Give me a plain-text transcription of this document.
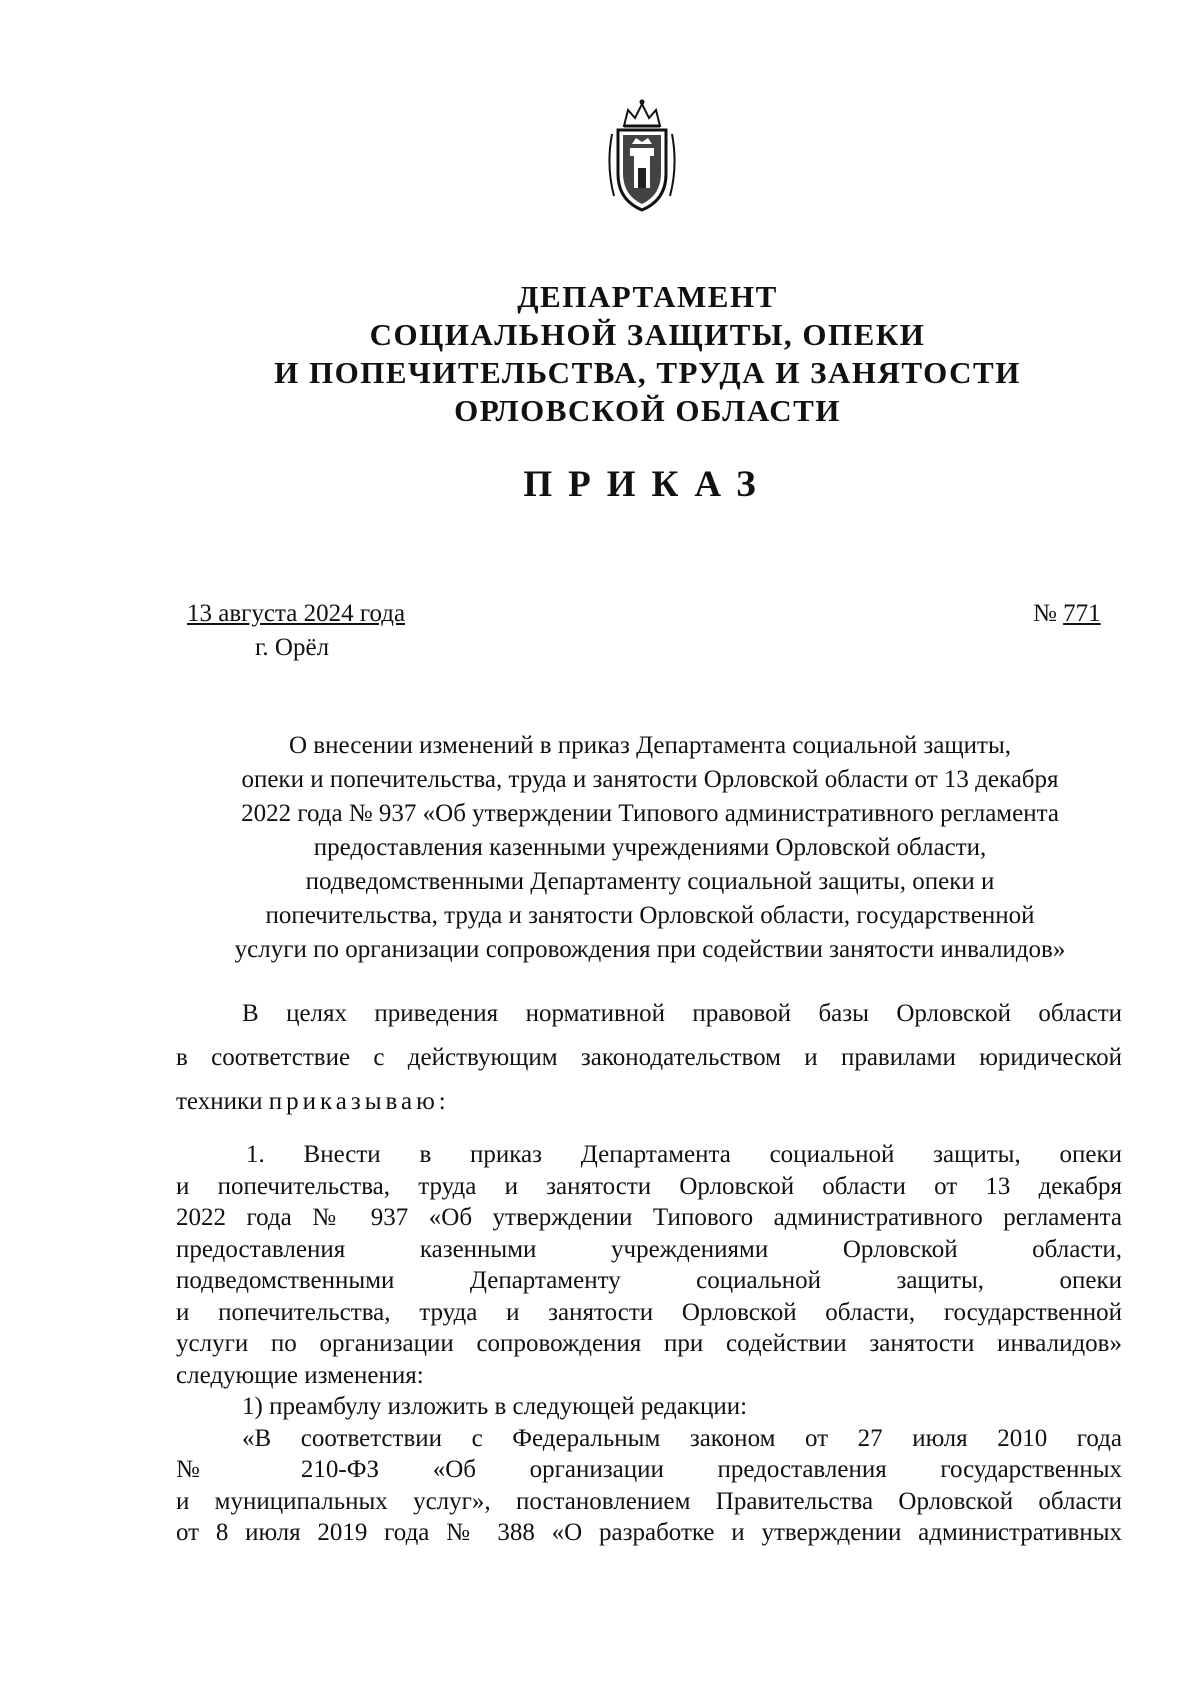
ДЕПАРТАМЕНТ
СОЦИАЛЬНОЙ ЗАЩИТЫ, ОПЕКИ
И ПОПЕЧИТЕЛЬСТВА, ТРУДА И ЗАНЯТОСТИ
ОРЛОВСКОЙ ОБЛАСТИ
ПРИКАЗ
13 августа 2024 года
г. Орёл
№ 771

О внесении изменений в приказ Департамента социальной защиты,
опеки и попечительства, труда и занятости Орловской области от 13 декабря
2022 года № 937 «Об утверждении Типового административного регламента
предоставления казенными учреждениями Орловской области,
подведомственными Департаменту социальной защиты, опеки и
попечительства, труда и занятости Орловской области, государственной
услуги по организации сопровождения при содействии занятости инвалидов»

В целях приведения нормативной правовой базы Орловской области
в соответствие с действующим законодательством и правилами юридической
техники приказываю:

1. Внести в приказ Департамента социальной защиты, опеки
и попечительства, труда и занятости Орловской области от 13 декабря
2022 года № 937 «Об утверждении Типового административного регламента
предоставления казенными учреждениями Орловской области,
подведомственными Департаменту социальной защиты, опеки
и попечительства, труда и занятости Орловской области, государственной
услуги по организации сопровождения при содействии занятости инвалидов»
следующие изменения:
1) преамбулу изложить в следующей редакции:
«В соответствии с Федеральным законом от 27 июля 2010 года
№ 210-ФЗ «Об организации предоставления государственных
и муниципальных услуг», постановлением Правительства Орловской области
от 8 июля 2019 года № 388 «О разработке и утверждении административных
